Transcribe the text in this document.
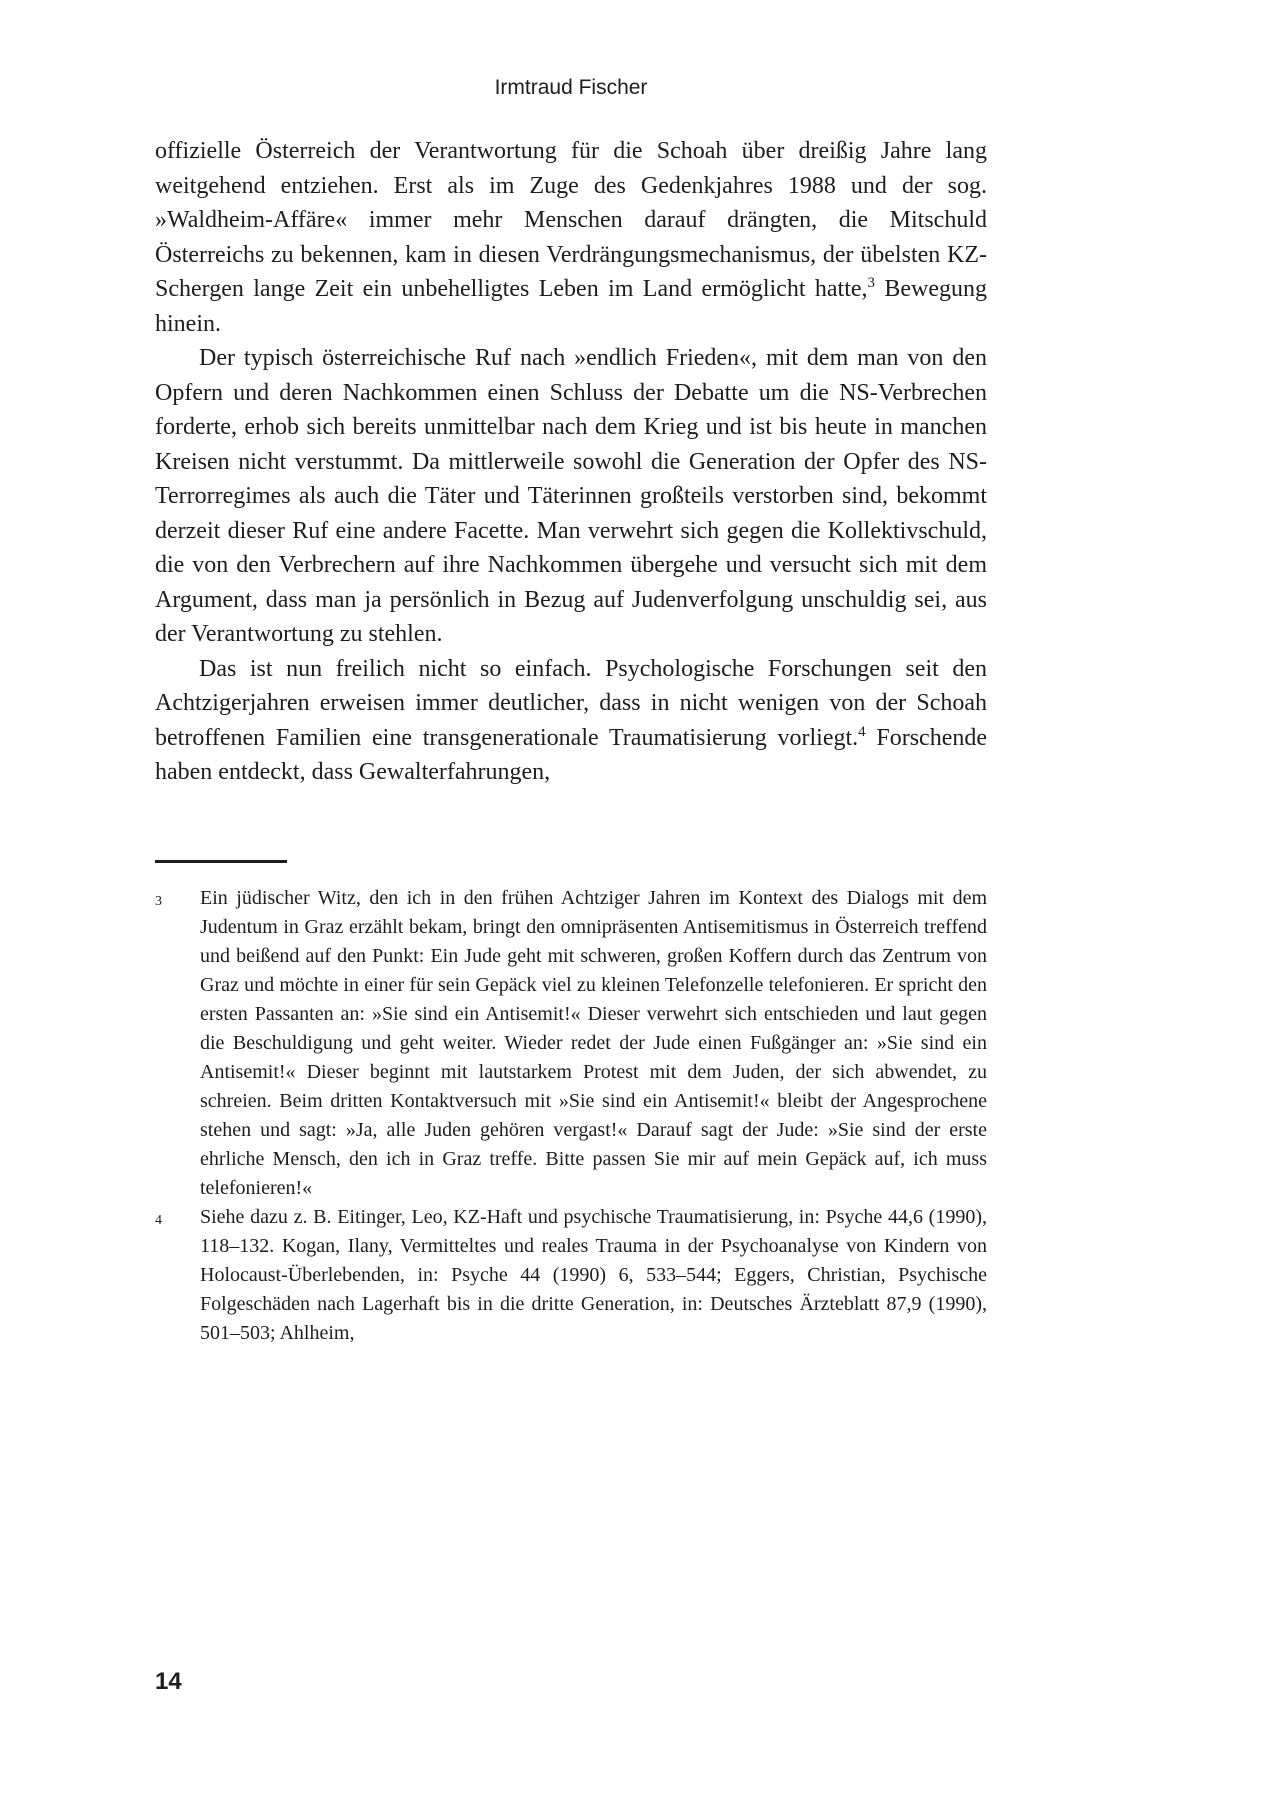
Irmtraud Fischer

offizielle Österreich der Verantwortung für die Schoah über dreißig Jahre lang weitgehend entziehen. Erst als im Zuge des Gedenkjahres 1988 und der sog. »Waldheim-Affäre« immer mehr Menschen darauf drängten, die Mitschuld Österreichs zu bekennen, kam in diesen Verdrängungsmechanismus, der übelsten KZ-Schergen lange Zeit ein unbehelligtes Leben im Land ermöglicht hatte,$^3$ Bewegung hinein.

Der typisch österreichische Ruf nach »endlich Frieden«, mit dem man von den Opfern und deren Nachkommen einen Schluss der Debatte um die NS-Verbrechen forderte, erhob sich bereits unmittelbar nach dem Krieg und ist bis heute in manchen Kreisen nicht verstummt. Da mittlerweile sowohl die Generation der Opfer des NS-Terrorregimes als auch die Täter und Täterinnen großteils verstorben sind, bekommt derzeit dieser Ruf eine andere Facette. Man verwehrt sich gegen die Kollektivschuld, die von den Verbrechern auf ihre Nachkommen übergehe und versucht sich mit dem Argument, dass man ja persönlich in Bezug auf Judenverfolgung unschuldig sei, aus der Verantwortung zu stehlen.

Das ist nun freilich nicht so einfach. Psychologische Forschungen seit den Achtzigerjahren erweisen immer deutlicher, dass in nicht wenigen von der Schoah betroffenen Familien eine transgenerationale Traumatisierung vorliegt.$^4$ Forschende haben entdeckt, dass Gewalterfahrungen,

3	Ein jüdischer Witz, den ich in den frühen Achtziger Jahren im Kontext des Dialogs mit dem Judentum in Graz erzählt bekam, bringt den omnipräsenten Antisemitismus in Österreich treffend und beißend auf den Punkt: Ein Jude geht mit schweren, großen Koffern durch das Zentrum von Graz und möchte in einer für sein Gepäck viel zu kleinen Telefonzelle telefonieren. Er spricht den ersten Passanten an: »Sie sind ein Antisemit!« Dieser verwehrt sich entschieden und laut gegen die Beschuldigung und geht weiter. Wieder redet der Jude einen Fußgänger an: »Sie sind ein Antisemit!« Dieser beginnt mit lautstarkem Protest mit dem Juden, der sich abwendet, zu schreien. Beim dritten Kontaktversuch mit »Sie sind ein Antisemit!« bleibt der Angesprochene stehen und sagt: »Ja, alle Juden gehören vergast!« Darauf sagt der Jude: »Sie sind der erste ehrliche Mensch, den ich in Graz treffe. Bitte passen Sie mir auf mein Gepäck auf, ich muss telefonieren!«
4	Siehe dazu z. B. Eitinger, Leo, KZ-Haft und psychische Traumatisierung, in: Psyche 44,6 (1990), 118–132. Kogan, Ilany, Vermitteltes und reales Trauma in der Psychoanalyse von Kindern von Holocaust-Überlebenden, in: Psyche 44 (1990) 6, 533–544; Eggers, Christian, Psychische Folgeschäden nach Lagerhaft bis in die dritte Generation, in: Deutsches Ärzteblatt 87,9 (1990), 501–503; Ahlheim,
14
